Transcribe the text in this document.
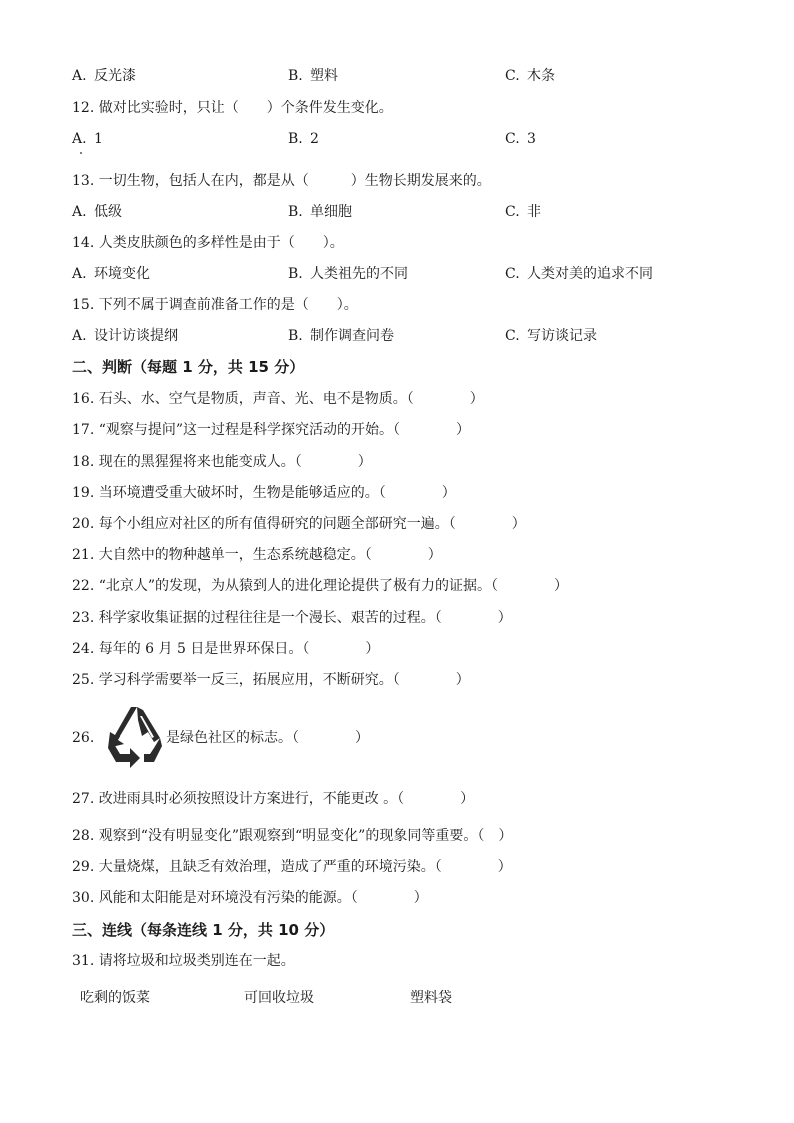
A. 反光漆	B. 塑料	C. 木条
12. 做对比实验时，只让（　　）个条件发生变化。
A. 1	B. 2	C. 3
13. 一切生物，包括人在内，都是从（　　　）生物长期发展来的。
A. 低级	B. 单细胞	C. 非
14. 人类皮肤颜色的多样性是由于（　　）。
A. 环境变化	B. 人类祖先的不同	C. 人类对美的追求不同
15. 下列不属于调查前准备工作的是（　　）。
A. 设计访谈提纲	B. 制作调查问卷	C. 写访谈记录
二、判断（每题 1 分，共 15 分）
16. 石头、水、空气是物质，声音、光、电不是物质。（　　　　）
17. “观察与提问”这一过程是科学探究活动的开始。（　　　　）
18. 现在的黑猩猩将来也能变成人。（　　　　）
19. 当环境遭受重大破坏时，生物是能够适应的。（　　　　）
20. 每个小组应对社区的所有值得研究的问题全部研究一遍。（　　　　）
21. 大自然中的物种越单一，生态系统越稳定。（　　　　）
22. “北京人”的发现，为从猿到人的进化理论提供了极有力的证据。（　　　　）
23. 科学家收集证据的过程往往是一个漫长、艰苦的过程。（　　　　）
24. 每年的 6 月 5 日是世界环保日。（　　　　）
25. 学习科学需要举一反三，拓展应用，不断研究。（　　　　）
26.	是绿色社区的标志。（　　　　）
27. 改进雨具时必须按照设计方案进行，不能更改 。（　　　　）
28. 观察到“没有明显变化”跟观察到“明显变化”的现象同等重要。（　）
29. 大量烧煤，且缺乏有效治理，造成了严重的环境污染。（　　　　）
30. 风能和太阳能是对环境没有污染的能源。（　　　　）
三、连线（每条连线 1 分，共 10 分）
31. 请将垃圾和垃圾类别连在一起。
吃剩的饭菜	可回收垃圾	塑料袋
